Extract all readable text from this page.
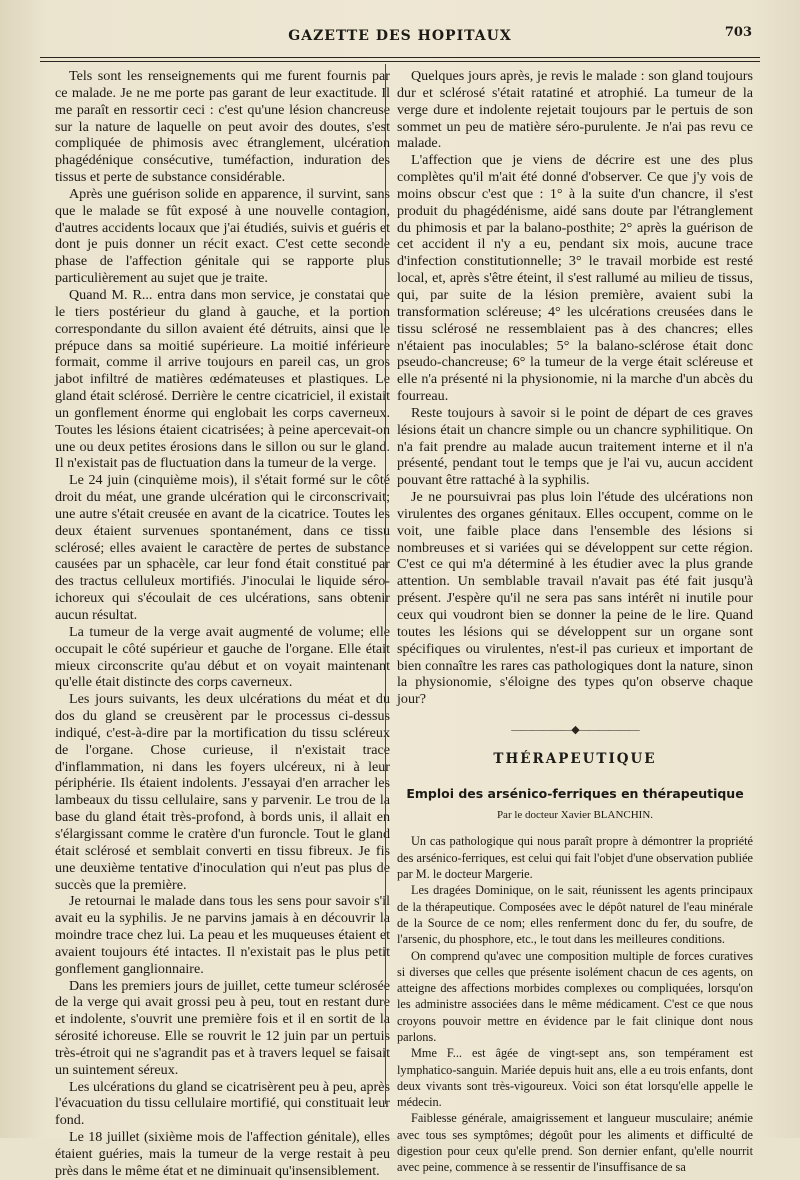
GAZETTE DES HOPITAUX	703

Tels sont les renseignements qui me furent fournis par ce malade. Je ne me porte pas garant de leur exactitude. Il me paraît en ressortir ceci : c'est qu'une lésion chancreuse sur la nature de laquelle on peut avoir des doutes, s'est compliquée de phimosis avec étranglement, ulcération phagédénique consécutive, tuméfaction, induration des tissus et perte de substance considérable.

Après une guérison solide en apparence, il survint, sans que le malade se fût exposé à une nouvelle contagion, d'autres accidents locaux que j'ai étudiés, suivis et guéris et dont je puis donner un récit exact. C'est cette seconde phase de l'affection génitale qui se rapporte plus particulièrement au sujet que je traite.

Quand M. R... entra dans mon service, je constatai que le tiers postérieur du gland à gauche, et la portion correspondante du sillon avaient été détruits, ainsi que le prépuce dans sa moitié supérieure. La moitié inférieure formait, comme il arrive toujours en pareil cas, un gros jabot infiltré de matières œdémateuses et plastiques. Le gland était sclérosé. Derrière le centre cicatriciel, il existait un gonflement énorme qui englobait les corps caverneux. Toutes les lésions étaient cicatrisées; à peine apercevait-on une ou deux petites érosions dans le sillon ou sur le gland. Il n'existait pas de fluctuation dans la tumeur de la verge.

Le 24 juin (cinquième mois), il s'était formé sur le côté droit du méat, une grande ulcération qui le circonscrivait; une autre s'était creusée en avant de la cicatrice. Toutes les deux étaient survenues spontanément, dans ce tissu sclérosé; elles avaient le caractère de pertes de substance causées par un sphacèle, car leur fond était constitué par des tractus celluleux mortifiés. J'inoculai le liquide séro-ichoreux qui s'écoulait de ces ulcérations, sans obtenir aucun résultat.

La tumeur de la verge avait augmenté de volume; elle occupait le côté supérieur et gauche de l'organe. Elle était mieux circonscrite qu'au début et on voyait maintenant qu'elle était distincte des corps caverneux.

Les jours suivants, les deux ulcérations du méat et du dos du gland se creusèrent par le processus ci-dessus indiqué, c'est-à-dire par la mortification du tissu scléreux de l'organe. Chose curieuse, il n'existait trace d'inflammation, ni dans les foyers ulcéreux, ni à leur périphérie. Ils étaient indolents. J'essayai d'en arracher les lambeaux du tissu cellulaire, sans y parvenir. Le trou de la base du gland était très-profond, à bords unis, il allait en s'élargissant comme le cratère d'un furoncle. Tout le gland était sclérosé et semblait converti en tissu fibreux. Je fis une deuxième tentative d'inoculation qui n'eut pas plus de succès que la première.

Je retournai le malade dans tous les sens pour savoir s'il avait eu la syphilis. Je ne parvins jamais à en découvrir la moindre trace chez lui. La peau et les muqueuses étaient et avaient toujours été intactes. Il n'existait pas le plus petit gonflement ganglionnaire.

Dans les premiers jours de juillet, cette tumeur sclérosée de la verge qui avait grossi peu à peu, tout en restant dure et indolente, s'ouvrit une première fois et il en sortit de la sérosité ichoreuse. Elle se rouvrit le 12 juin par un pertuis très-étroit qui ne s'agrandit pas et à travers lequel se faisait un suintement séreux.

Les ulcérations du gland se cicatrisèrent peu à peu, après l'évacuation du tissu cellulaire mortifié, qui constituait leur fond.

Le 18 juillet (sixième mois de l'affection génitale), elles étaient guéries, mais la tumeur de la verge restait à peu près dans le même état et ne diminuait qu'insensiblement.

Quelques jours après, je revis le malade : son gland toujours dur et sclérosé s'était ratatiné et atrophié. La tumeur de la verge dure et indolente rejetait toujours par le pertuis de son sommet un peu de matière séro-purulente. Je n'ai pas revu ce malade.

L'affection que je viens de décrire est une des plus complètes qu'il m'ait été donné d'observer. Ce que j'y vois de moins obscur c'est que : 1° à la suite d'un chancre, il s'est produit du phagédénisme, aidé sans doute par l'étranglement du phimosis et par la balano-posthite; 2° après la guérison de cet accident il n'y a eu, pendant six mois, aucune trace d'infection constitutionnelle; 3° le travail morbide est resté local, et, après s'être éteint, il s'est rallumé au milieu de tissus, qui, par suite de la lésion première, avaient subi la transformation scléreuse; 4° les ulcérations creusées dans le tissu sclérosé ne ressemblaient pas à des chancres; elles n'étaient pas inoculables; 5° la balano-sclérose était donc pseudo-chancreuse; 6° la tumeur de la verge était scléreuse et elle n'a présenté ni la physionomie, ni la marche d'un abcès du fourreau.

Reste toujours à savoir si le point de départ de ces graves lésions était un chancre simple ou un chancre syphilitique. On n'a fait prendre au malade aucun traitement interne et il n'a présenté, pendant tout le temps que je l'ai vu, aucun accident pouvant être rattaché à la syphilis.

Je ne poursuivrai pas plus loin l'étude des ulcérations non virulentes des organes génitaux. Elles occupent, comme on le voit, une faible place dans l'ensemble des lésions si nombreuses et si variées qui se développent sur cette région. C'est ce qui m'a déterminé à les étudier avec la plus grande attention. Un semblable travail n'avait pas été fait jusqu'à présent. J'espère qu'il ne sera pas sans intérêt ni inutile pour ceux qui voudront bien se donner la peine de le lire. Quand toutes les lésions qui se développent sur un organe sont spécifiques ou virulentes, n'est-il pas curieux et important de bien connaître les rares cas pathologiques dont la nature, sinon la physionomie, s'éloigne des types qu'on observe chaque jour?

——————◆——————
THÉRAPEUTIQUE
Emploi des arsénico-ferriques en thérapeutique
Par le docteur Xavier BLANCHIN.

Un cas pathologique qui nous paraît propre à démontrer la propriété des arsénico-ferriques, est celui qui fait l'objet d'une observation publiée par M. le docteur Margerie.

Les dragées Dominique, on le sait, réunissent les agents principaux de la thérapeutique. Composées avec le dépôt naturel de l'eau minérale de la Source de ce nom; elles renferment donc du fer, du soufre, de l'arsenic, du phosphore, etc., le tout dans les meilleures conditions.

On comprend qu'avec une composition multiple de forces curatives si diverses que celles que présente isolément chacun de ces agents, on atteigne des affections morbides complexes ou compliquées, lorsqu'on les administre associées dans le même médicament. C'est ce que nous croyons pouvoir mettre en évidence par le fait clinique dont nous parlons.

Mme F... est âgée de vingt-sept ans, son tempérament est lymphatico-sanguin. Mariée depuis huit ans, elle a eu trois enfants, dont deux vivants sont très-vigoureux. Voici son état lorsqu'elle appelle le médecin.

Faiblesse générale, amaigrissement et langueur musculaire; anémie avec tous ses symptômes; dégoût pour les aliments et difficulté de digestion pour ceux qu'elle prend. Son dernier enfant, qu'elle nourrit avec peine, commence à se ressentir de l'insuffisance de sa
